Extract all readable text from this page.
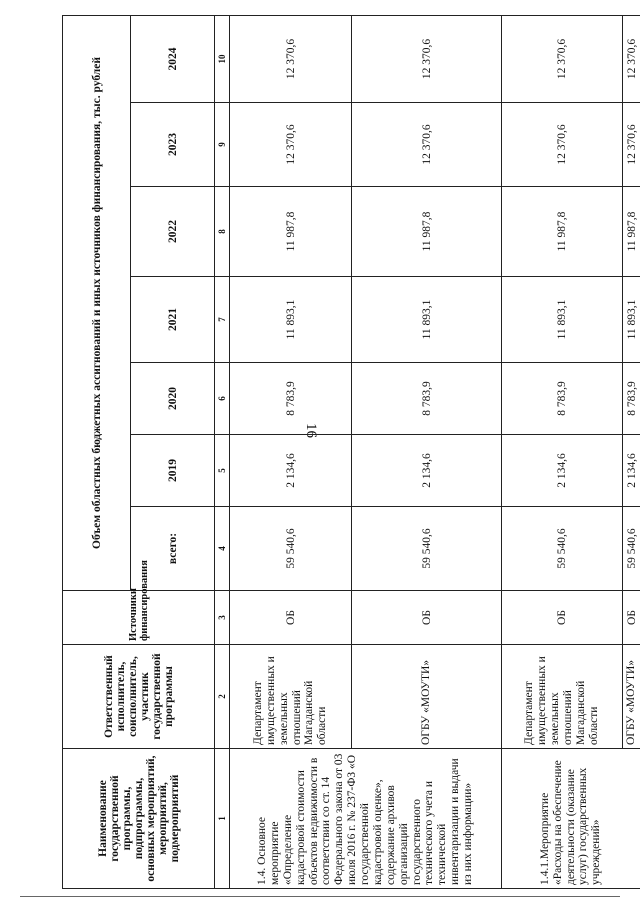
16
Наименование государственной программы, подпрограммы, основных мероприятий, мероприятий, подмероприятий	Ответственный исполнитель, соисполнитель, участник государственной программы	Источники финансирования	Объем областных бюджетных ассигнований и иных источников финансирования, тыс. рублей						
			всего:	2019	2020	2021	2022	2023	2024
1	2	3	4	5	6	7	8	9	10
1.4. Основное мероприятие «Определение кадастровой стоимости объектов недвижимости в соответствии со ст. 14 Федерального закона от 03 июля 2016 г. № 237-ФЗ «О государственной кадастровой оценке», содержание архивов организаций государственного технического учета и технической инвентаризации и выдачи из них информации»	Департамент имущественных и земельных отношений Магаданской области	ОБ	59 540,6	2 134,6	8 783,9	11 893,1	11 987,8	12 370,6	12 370,6
	ОГБУ «МОУТИ»	ОБ	59 540,6	2 134,6	8 783,9	11 893,1	11 987,8	12 370,6	12 370,6
1.4.1.Мероприятие «Расходы на обеспечение деятельности (оказание услуг) государственных учреждений»	Департамент имущественных и земельных отношений Магаданской области	ОБ	59 540,6	2 134,6	8 783,9	11 893,1	11 987,8	12 370,6	12 370,6
	ОГБУ «МОУТИ»	ОБ	59 540,6	2 134,6	8 783,9	11 893,1	11 987,8	12 370,6	12 370,6
